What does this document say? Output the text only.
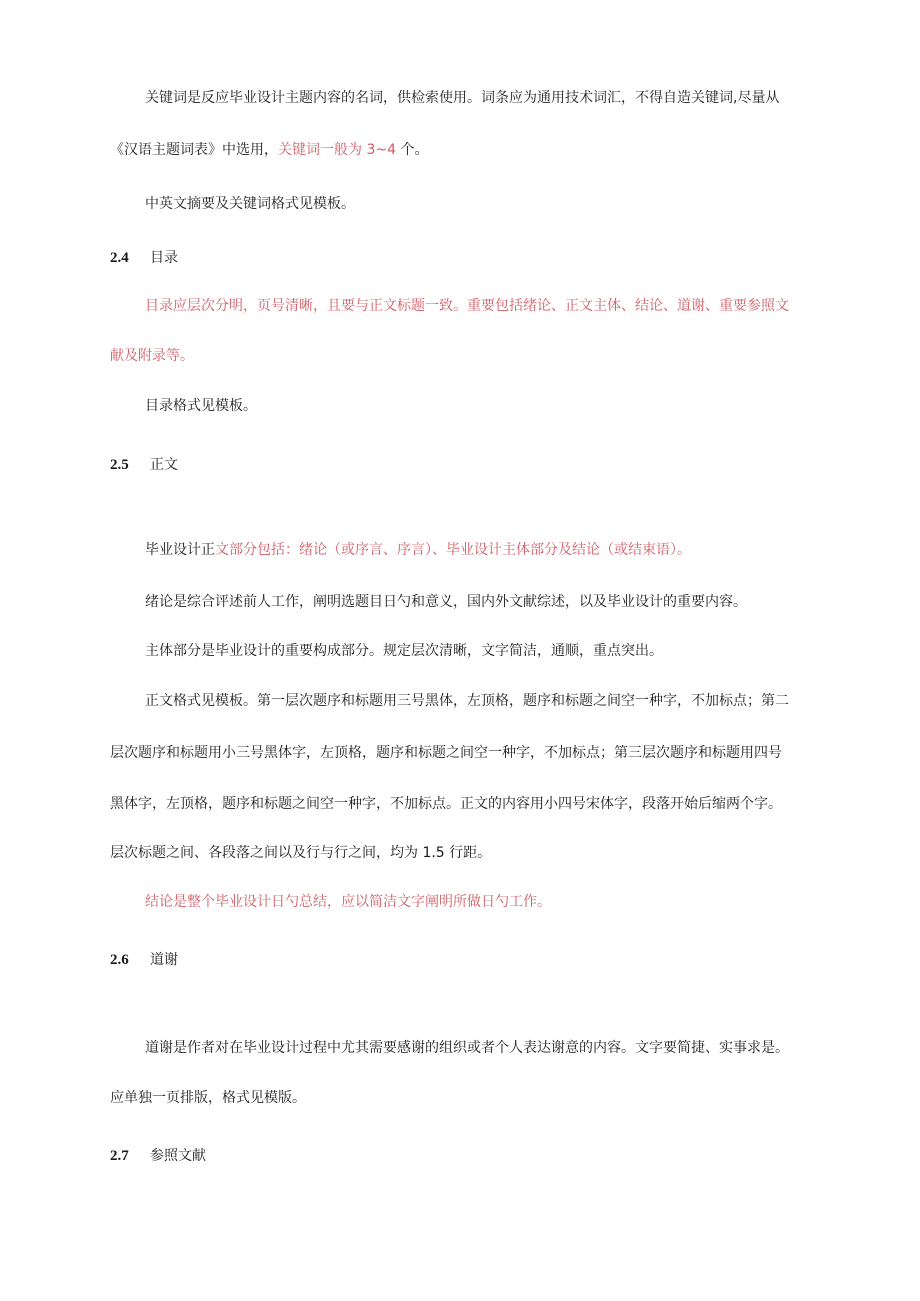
关键词是反应毕业设计主题内容的名词，供检索使用。词条应为通用技术词汇，不得自造关键词,尽量从

《汉语主题词表》中选用，关键词一般为 3~4 个。

中英文摘要及关键词格式见模板。

2.4 目录

目录应层次分明，页号清晰，且要与正文标题一致。重要包括绪论、正文主体、结论、道谢、重要参照文

献及附录等。

目录格式见模板。

2.5 正文

毕业设计正文部分包括：绪论（或序言、序言）、毕业设计主体部分及结论（或结束语）。

绪论是综合评述前人工作，阐明选题目日勺和意义，国内外文献综述，以及毕业设计的重要内容。

主体部分是毕业设计的重要构成部分。规定层次清晰，文字简洁，通顺，重点突出。

正文格式见模板。第一层次题序和标题用三号黑体，左顶格，题序和标题之间空一种字，不加标点；第二

层次题序和标题用小三号黑体字，左顶格，题序和标题之间空一种字，不加标点；第三层次题序和标题用四号

黑体字，左顶格，题序和标题之间空一种字，不加标点。正文的内容用小四号宋体字，段落开始后缩两个字。

层次标题之间、各段落之间以及行与行之间，均为 1.5 行距。

结论是整个毕业设计日勺总结，应以简洁文字阐明所做日勺工作。

2.6 道谢

道谢是作者对在毕业设计过程中尤其需要感谢的组织或者个人表达谢意的内容。文字要简捷、实事求是。

应单独一页排版，格式见模版。

2.7 参照文献
